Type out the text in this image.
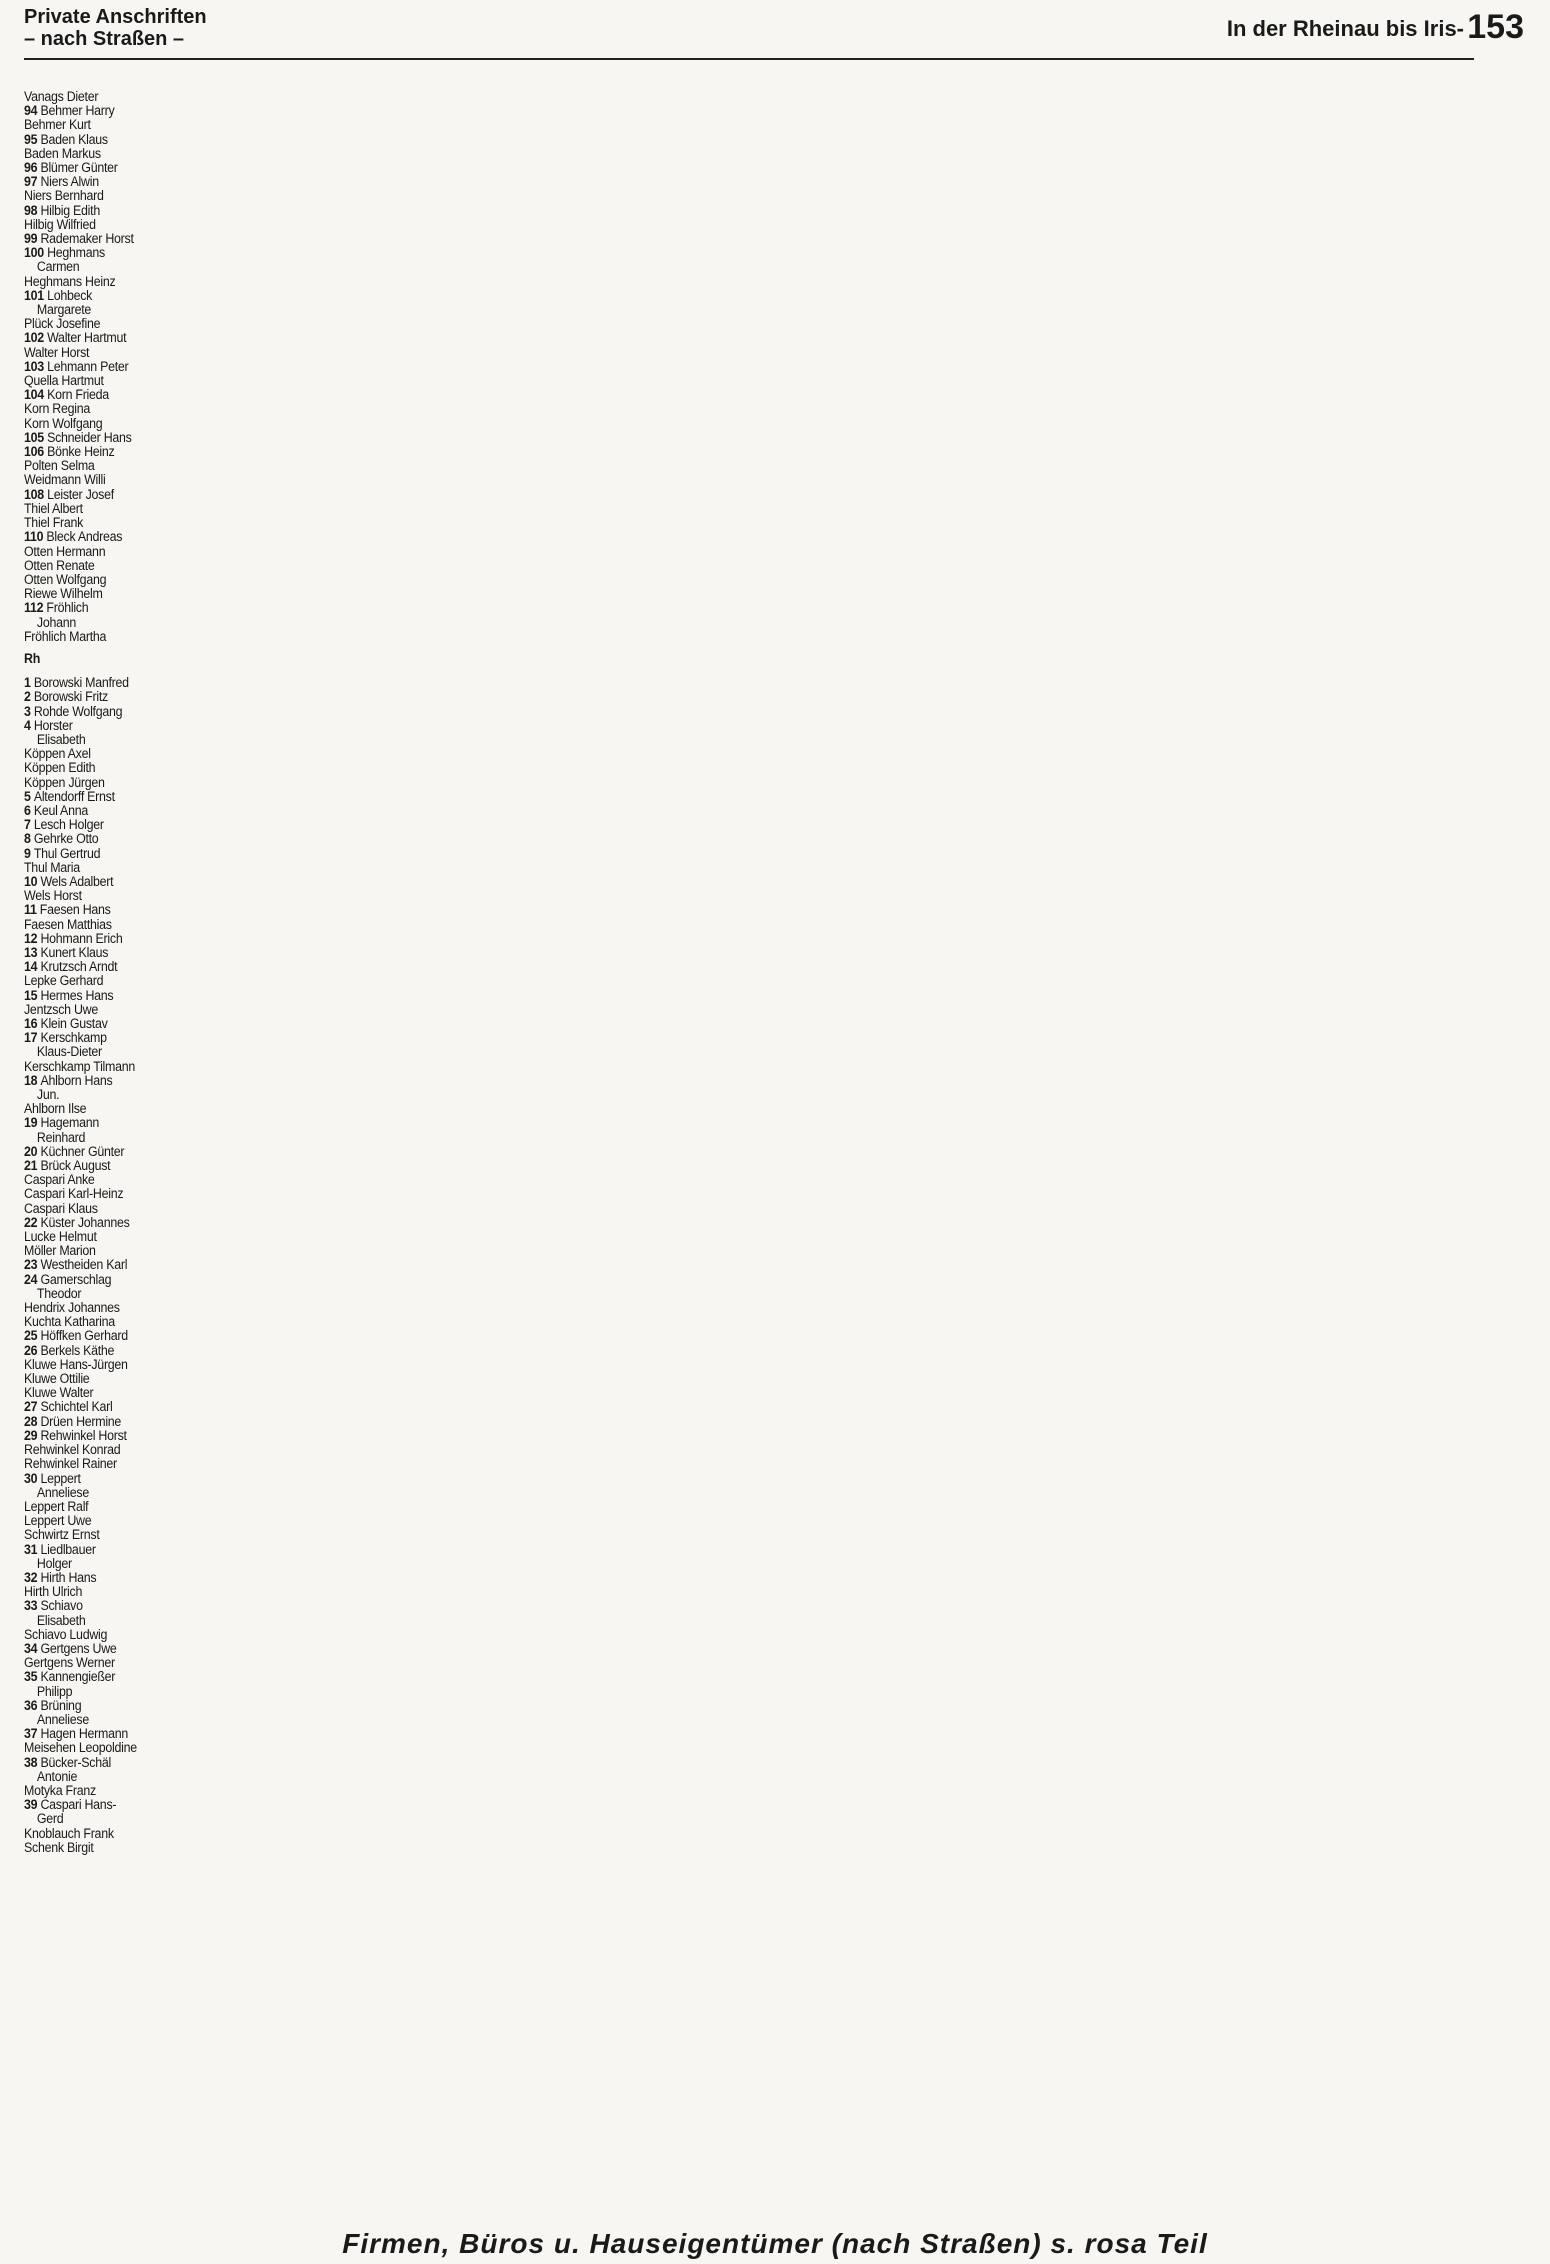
Private Anschriften
– nach Straßen –	In der Rheinau bis Iris- 153
Vanags Dieter
94 Behmer Harry
Behmer Kurt
95 Baden Klaus
Baden Markus
96 Blümer Günter
97 Niers Alwin
Niers Bernhard
98 Hilbig Edith
Hilbig Wilfried
99 Rademaker Horst
100 Heghmans
Carmen
Heghmans Heinz
101 Lohbeck
Margarete
Plück Josefine
102 Walter Hartmut
Walter Horst
103 Lehmann Peter
Quella Hartmut
104 Korn Frieda
Korn Regina
Korn Wolfgang
105 Schneider Hans
106 Bönke Heinz
Polten Selma
Weidmann Willi
108 Leister Josef
Thiel Albert
Thiel Frank
110 Bleck Andreas
Otten Hermann
Otten Renate
Otten Wolfgang
Riewe Wilhelm
112 Fröhlich
Johann
Fröhlich Martha
Rh
1 Borowski Manfred
2 Borowski Fritz
3 Rohde Wolfgang
4 Horster
Elisabeth
Köppen Axel
Köppen Edith
Köppen Jürgen
5 Altendorff Ernst
6 Keul Anna
7 Lesch Holger
8 Gehrke Otto
9 Thul Gertrud
Thul Maria
10 Wels Adalbert
Wels Horst
11 Faesen Hans
Faesen Matthias
12 Hohmann Erich
13 Kunert Klaus
14 Krutzsch Arndt
Lepke Gerhard
15 Hermes Hans
Jentzsch Uwe
16 Klein Gustav
17 Kerschkamp
Klaus-Dieter
Kerschkamp Tilmann
18 Ahlborn Hans
Jun.
Ahlborn Ilse
19 Hagemann
Reinhard
20 Küchner Günter
21 Brück August
Caspari Anke
Caspari Karl-Heinz
Caspari Klaus
22 Küster Johannes
Lucke Helmut
Möller Marion
23 Westheiden Karl
24 Gamerschlag
Theodor
Hendrix Johannes
Kuchta Katharina
25 Höffken Gerhard
26 Berkels Käthe
Kluwe Hans-Jürgen
Kluwe Ottilie
Kluwe Walter
27 Schichtel Karl
28 Drüen Hermine
29 Rehwinkel Horst
Rehwinkel Konrad
Rehwinkel Rainer
30 Leppert
Anneliese
Leppert Ralf
Leppert Uwe
Schwirtz Ernst
31 Liedlbauer
Holger
32 Hirth Hans
Hirth Ulrich
33 Schiavo
Elisabeth
Schiavo Ludwig
34 Gertgens Uwe
Gertgens Werner
35 Kannengießer
Philipp
36 Brüning
Anneliese
37 Hagen Hermann
Meisehen Leopoldine
38 Bücker-Schäl
Antonie
Motyka Franz
39 Caspari Hans-
Gerd
Knoblauch Frank
Schenk Birgit
Firmen, Büros u. Hauseigentümer (nach Straßen) s. rosa Teil
